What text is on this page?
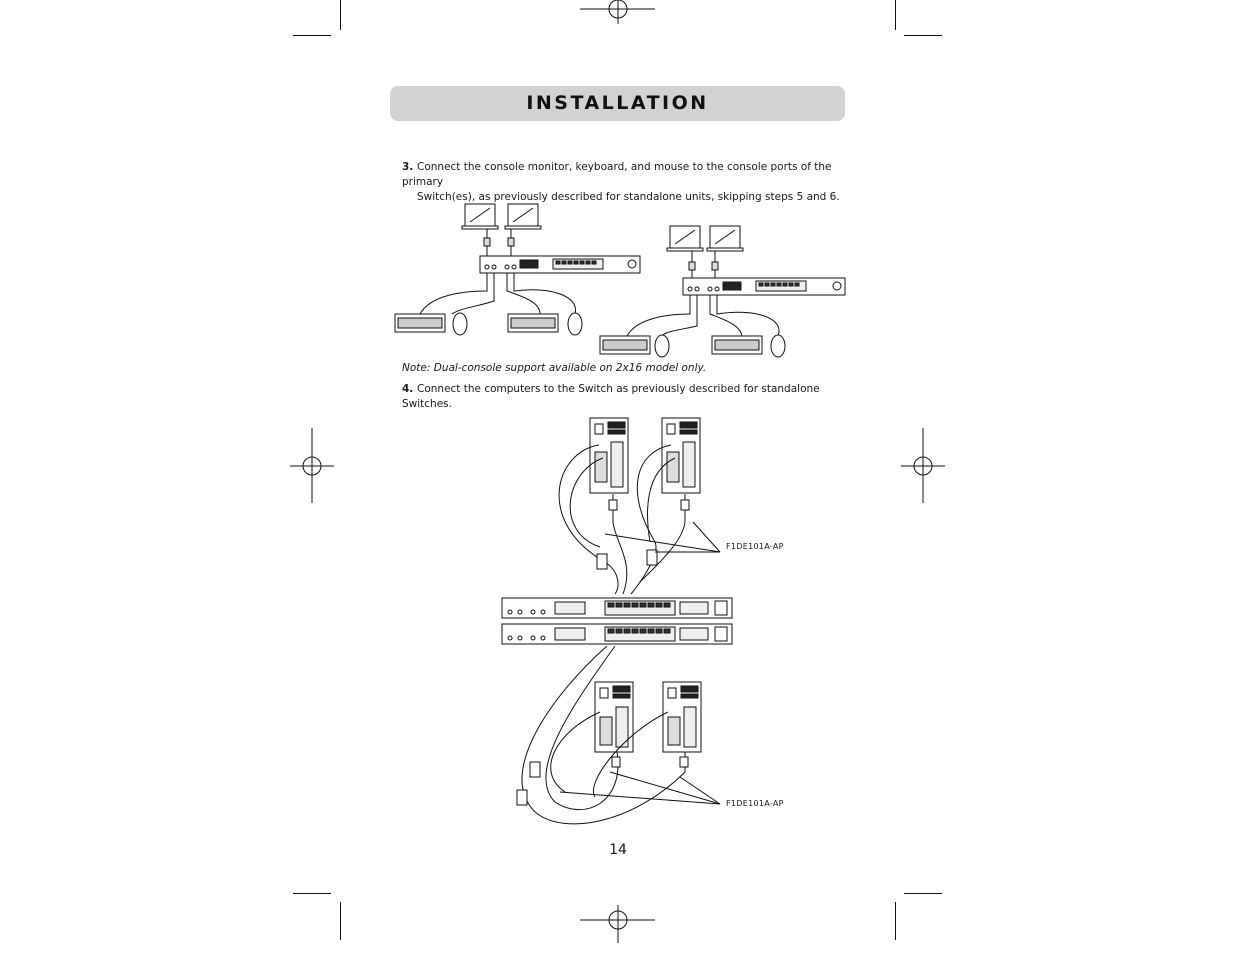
INSTALLATION
3. Connect the console monitor, keyboard, and mouse to the console ports of the primary
Switch(es), as previously described for standalone units, skipping steps 5 and 6.
Note: Dual-console support available on 2x16 model only.
4. Connect the computers to the Switch as previously described for standalone Switches.
F1DE101A-AP
F1DE101A-AP
14
